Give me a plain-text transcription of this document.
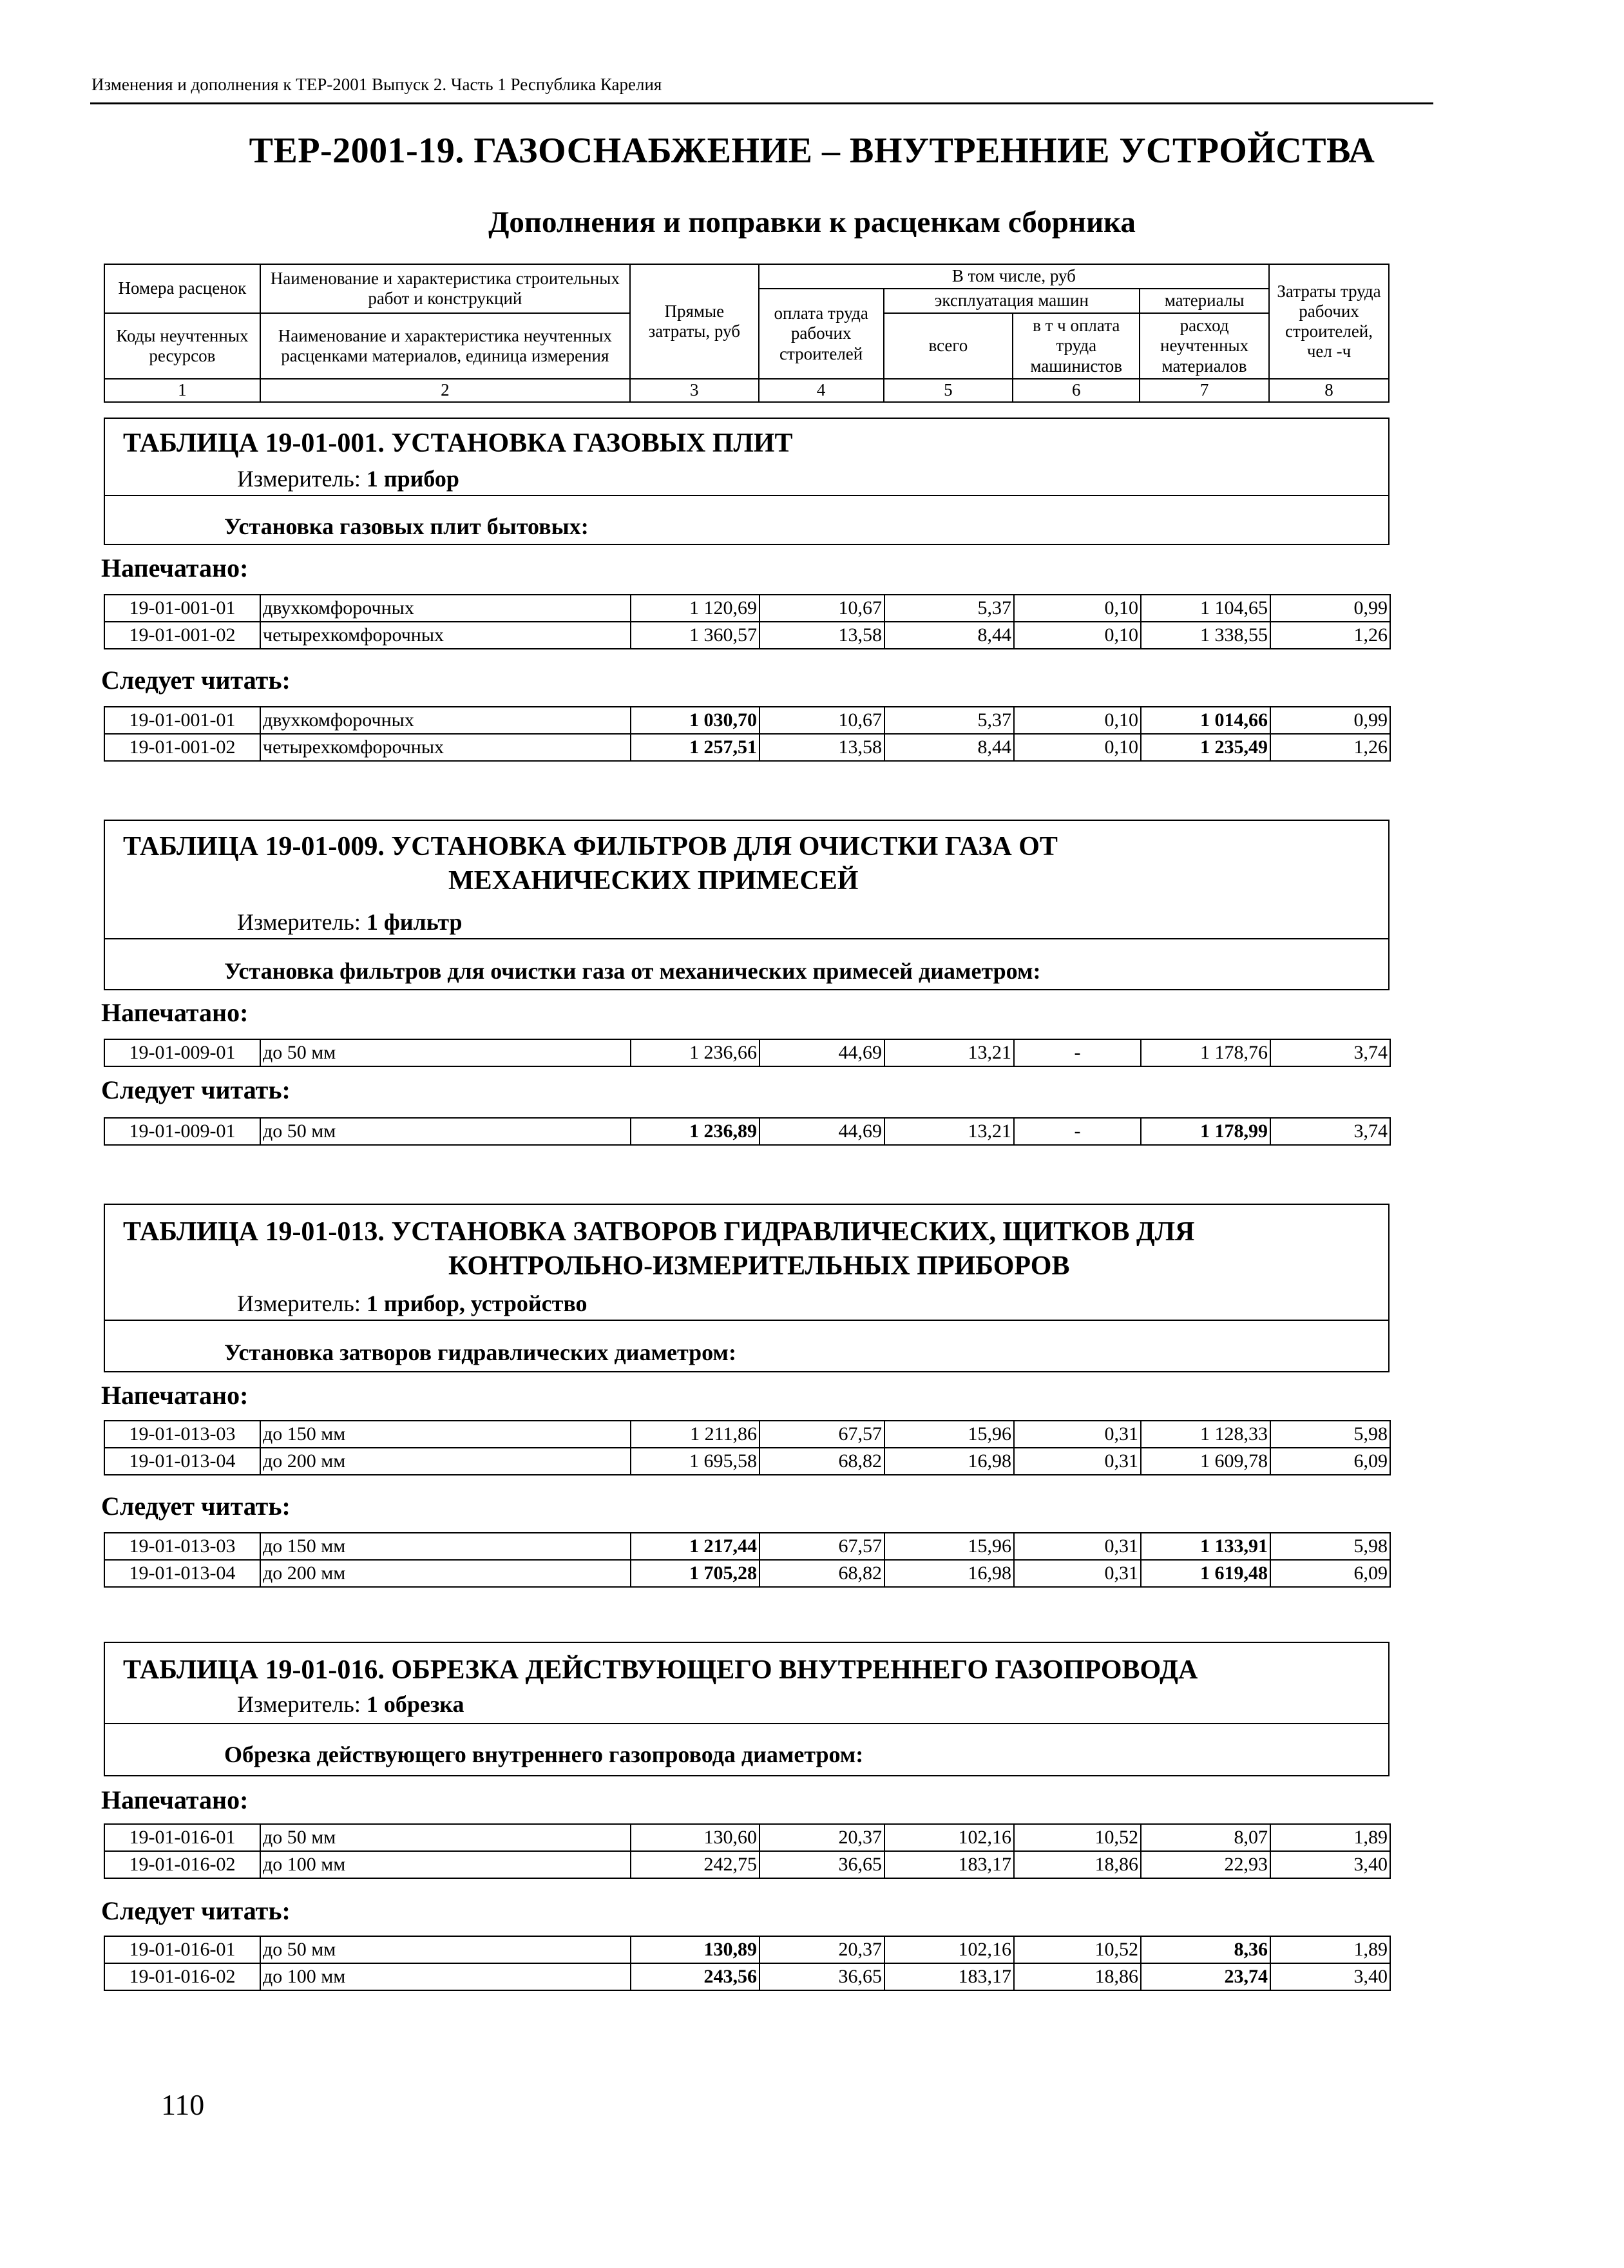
Изменения и дополнения к ТЕР-2001 Выпуск 2. Часть 1 Республика Карелия
ТЕР-2001-19. ГАЗОСНАБЖЕНИЕ – ВНУТРЕННИЕ УСТРОЙСТВА
Дополнения и поправки к расценкам сборника
Номера расценок	Наименование и характеристика строительных работ и конструкций	Прямые затраты, руб	В том числе, руб				Затраты труда рабочих строителей, чел -ч
			оплата труда рабочих строителей	эксплуатация машин		материалы	

Коды неучтенных ресурсов	Наименование и характеристика неучтенных расценками материалов, единица измерения			всего	в т ч оплата труда машинистов	расход неучтенных материалов	

1	2	3	4	5	6	7	8
ТАБЛИЦА 19-01-001. УСТАНОВКА ГАЗОВЫХ ПЛИТ
Измеритель: 1 прибор
Установка газовых плит бытовых:
Напечатано:
19-01-001-01	двухкомфорочных	1 120,69	10,67	5,37	0,10	1 104,65	0,99
19-01-001-02	четырехкомфорочных	1 360,57	13,58	8,44	0,10	1 338,55	1,26
Следует читать:
19-01-001-01	двухкомфорочных	1 030,70	10,67	5,37	0,10	1 014,66	0,99
19-01-001-02	четырехкомфорочных	1 257,51	13,58	8,44	0,10	1 235,49	1,26
ТАБЛИЦА 19-01-009. УСТАНОВКА ФИЛЬТРОВ ДЛЯ ОЧИСТКИ ГАЗА ОТ
МЕХАНИЧЕСКИХ ПРИМЕСЕЙ
Измеритель: 1 фильтр
Установка фильтров для очистки газа от механических примесей диаметром:
Напечатано:
19-01-009-01	до 50 мм	1 236,66	44,69	13,21	-	1 178,76	3,74
Следует читать:
19-01-009-01	до 50 мм	1 236,89	44,69	13,21	-	1 178,99	3,74
ТАБЛИЦА 19-01-013. УСТАНОВКА ЗАТВОРОВ ГИДРАВЛИЧЕСКИХ, ЩИТКОВ ДЛЯ
КОНТРОЛЬНО-ИЗМЕРИТЕЛЬНЫХ ПРИБОРОВ
Измеритель: 1 прибор, устройство
Установка затворов гидравлических диаметром:
Напечатано:
19-01-013-03	до 150 мм	1 211,86	67,57	15,96	0,31	1 128,33	5,98
19-01-013-04	до 200 мм	1 695,58	68,82	16,98	0,31	1 609,78	6,09
Следует читать:
19-01-013-03	до 150 мм	1 217,44	67,57	15,96	0,31	1 133,91	5,98
19-01-013-04	до 200 мм	1 705,28	68,82	16,98	0,31	1 619,48	6,09
ТАБЛИЦА 19-01-016. ОБРЕЗКА ДЕЙСТВУЮЩЕГО ВНУТРЕННЕГО ГАЗОПРОВОДА
Измеритель: 1 обрезка
Обрезка действующего внутреннего газопровода диаметром:
Напечатано:
19-01-016-01	до 50 мм	130,60	20,37	102,16	10,52	8,07	1,89
19-01-016-02	до 100 мм	242,75	36,65	183,17	18,86	22,93	3,40
Следует читать:
19-01-016-01	до 50 мм	130,89	20,37	102,16	10,52	8,36	1,89
19-01-016-02	до 100 мм	243,56	36,65	183,17	18,86	23,74	3,40
110
